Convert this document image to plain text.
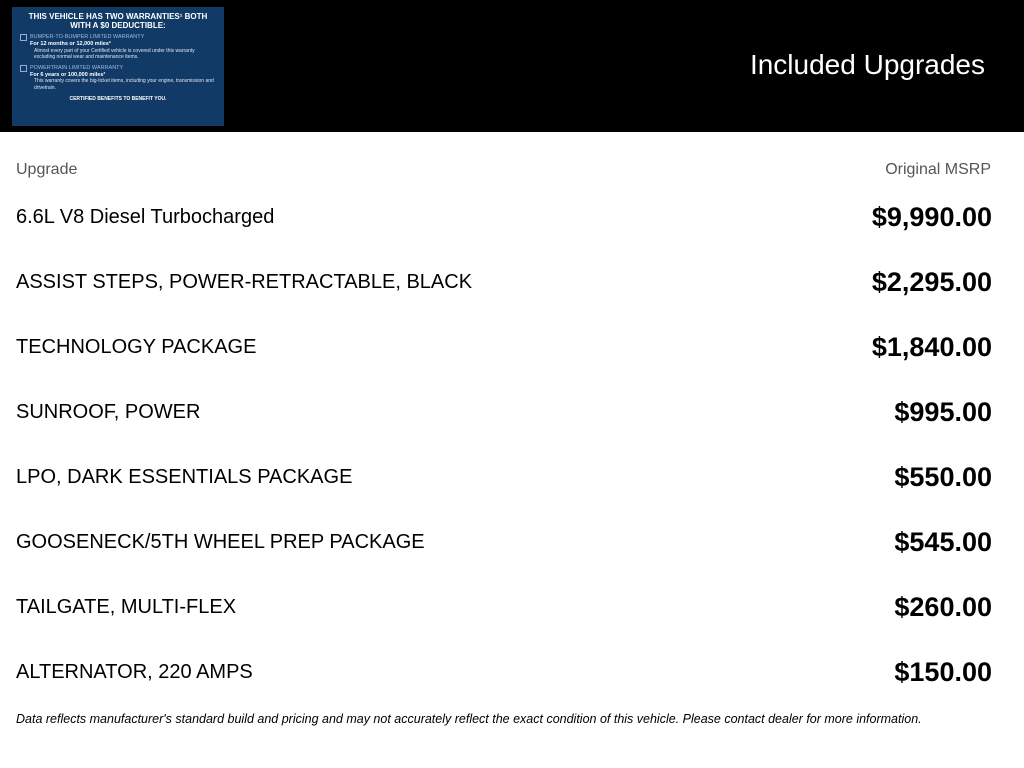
THIS VEHICLE HAS TWO WARRANTIES¹ BOTH WITH A $0 DEDUCTIBLE:
BUMPER-TO-BUMPER LIMITED WARRANTY
For 12 months or 12,000 miles²
Almost every part of your Certified vehicle is covered under this warranty excluding normal wear and maintenance items.
POWERTRAIN LIMITED WARRANTY
For 6 years or 100,000 miles³
This warranty covers the big-ticket items, including your engine, transmission and drivetrain.
CERTIFIED BENEFITS TO BENEFIT YOU.
Included Upgrades
Upgrade	Original MSRP
6.6L V8 Diesel Turbocharged	$9,990.00
ASSIST STEPS, POWER-RETRACTABLE, BLACK	$2,295.00
TECHNOLOGY PACKAGE	$1,840.00
SUNROOF, POWER	$995.00
LPO, DARK ESSENTIALS PACKAGE	$550.00
GOOSENECK/5TH WHEEL PREP PACKAGE	$545.00
TAILGATE, MULTI-FLEX	$260.00
ALTERNATOR, 220 AMPS	$150.00
Data reflects manufacturer's standard build and pricing and may not accurately reflect the exact condition of this vehicle. Please contact dealer for more information.
